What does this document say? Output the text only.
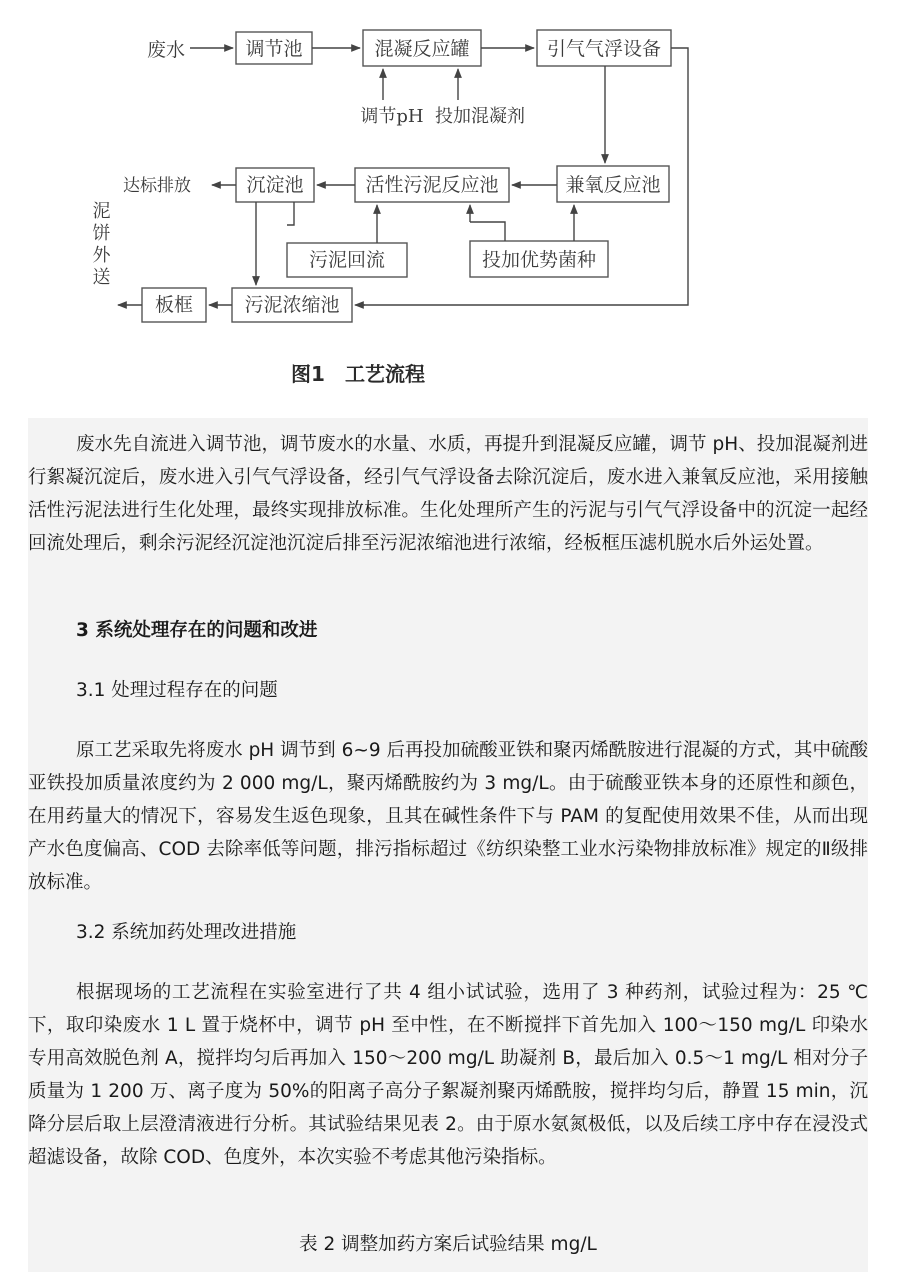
废水	调节池	混凝反应罐	引气气浮设备
调节pH 投加混凝剂
兼氧反应池
活性污泥反应池
沉淀池
达标排放
污泥回流	投加优势菌种
污泥浓缩池
板框
泥饼外送
图1　工艺流程

废水先自流进入调节池，调节废水的水量、水质，再提升到混凝反应罐，调节 pH、投加混凝剂进行絮凝沉淀后，废水进入引气气浮设备，经引气气浮设备去除沉淀后，废水进入兼氧反应池，采用接触活性污泥法进行生化处理，最终实现排放标准。生化处理所产生的污泥与引气气浮设备中的沉淀一起经回流处理后，剩余污泥经沉淀池沉淀后排至污泥浓缩池进行浓缩，经板框压滤机脱水后外运处置。

3 系统处理存在的问题和改进

3.1 处理过程存在的问题

原工艺采取先将废水 pH 调节到 6~9 后再投加硫酸亚铁和聚丙烯酰胺进行混凝的方式，其中硫酸亚铁投加质量浓度约为 2 000 mg/L，聚丙烯酰胺约为 3 mg/L。由于硫酸亚铁本身的还原性和颜色，在用药量大的情况下，容易发生返色现象，且其在碱性条件下与 PAM 的复配使用效果不佳，从而出现产水色度偏高、COD 去除率低等问题，排污指标超过《纺织染整工业水污染物排放标准》规定的Ⅱ级排放标准。

3.2 系统加药处理改进措施

根据现场的工艺流程在实验室进行了共 4 组小试试验，选用了 3 种药剂，试验过程为：25 ℃下，取印染废水 1 L 置于烧杯中，调节 pH 至中性，在不断搅拌下首先加入 100～150 mg/L 印染水专用高效脱色剂 A，搅拌均匀后再加入 150～200 mg/L 助凝剂 B，最后加入 0.5～1 mg/L 相对分子质量为 1 200 万、离子度为 50%的阳离子高分子絮凝剂聚丙烯酰胺，搅拌均匀后，静置 15 min，沉降分层后取上层澄清液进行分析。其试验结果见表 2。由于原水氨氮极低，以及后续工序中存在浸没式超滤设备，故除 COD、色度外，本次实验不考虑其他污染指标。

表 2 调整加药方案后试验结果 mg/L
